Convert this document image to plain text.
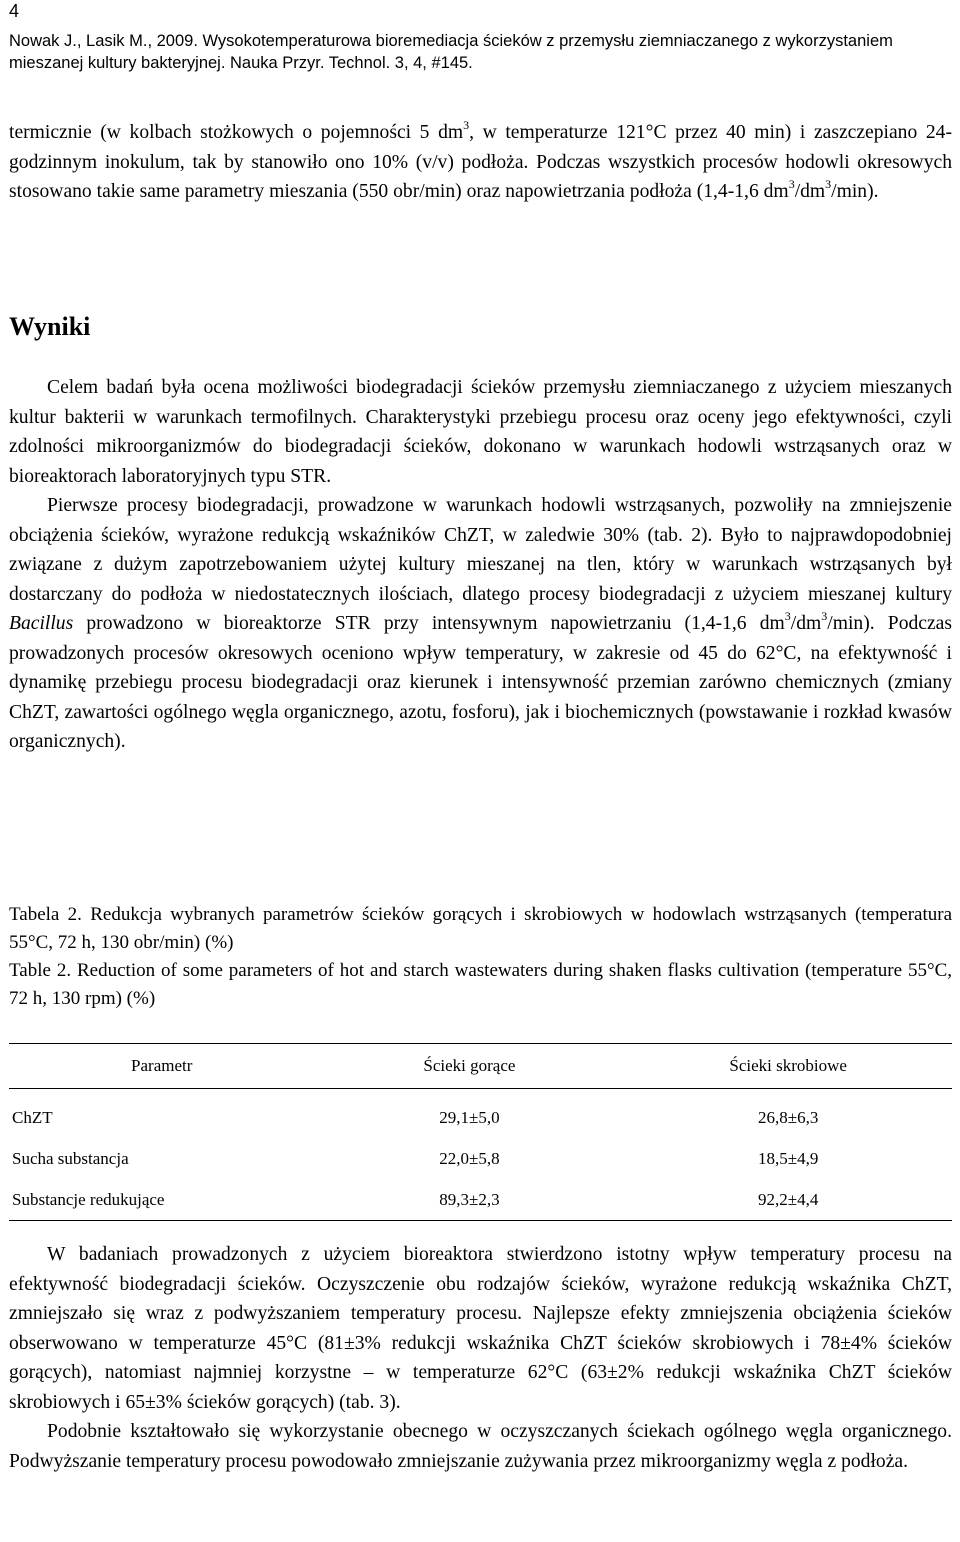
4
Nowak J., Lasik M., 2009. Wysokotemperaturowa bioremediacja ścieków z przemysłu ziemniaczanego z wykorzystaniem mieszanej kultury bakteryjnej. Nauka Przyr. Technol. 3, 4, #145.

termicznie (w kolbach stożkowych o pojemności 5 $dm^3$, w temperaturze 121°C przez 40 min) i zaszczepiano 24-godzinnym inokulum, tak by stanowiło ono 10% (v/v) podłoża. Podczas wszystkich procesów hodowli okresowych stosowano takie same parametry mieszania (550 obr/min) oraz napowietrzania podłoża (1,4-1,6 $dm^3/dm^3/\min$).

Wyniki

Celem badań była ocena możliwości biodegradacji ścieków przemysłu ziemniaczanego z użyciem mieszanych kultur bakterii w warunkach termofilnych. Charakterystyki przebiegu procesu oraz oceny jego efektywności, czyli zdolności mikroorganizmów do biodegradacji ścieków, dokonano w warunkach hodowli wstrząsanych oraz w bioreaktorach laboratoryjnych typu STR.

Pierwsze procesy biodegradacji, prowadzone w warunkach hodowli wstrząsanych, pozwoliły na zmniejszenie obciążenia ścieków, wyrażone redukcją wskaźników ChZT, w zaledwie 30% (tab. 2). Było to najprawdopodobniej związane z dużym zapotrzebowaniem użytej kultury mieszanej na tlen, który w warunkach wstrząsanych był dostarczany do podłoża w niedostatecznych ilościach, dlatego procesy biodegradacji z użyciem mieszanej kultury Bacillus prowadzono w bioreaktorze STR przy intensywnym napowietrzaniu (1,4-1,6 $dm^3/dm^3/\min$). Podczas prowadzonych procesów okresowych oceniono wpływ temperatury, w zakresie od 45 do 62°C, na efektywność i dynamikę przebiegu procesu biodegradacji oraz kierunek i intensywność przemian zarówno chemicznych (zmiany ChZT, zawartości ogólnego węgla organicznego, azotu, fosforu), jak i biochemicznych (powstawanie i rozkład kwasów organicznych).

Tabela 2. Redukcja wybranych parametrów ścieków gorących i skrobiowych w hodowlach wstrząsanych (temperatura 55°C, 72 h, 130 obr/min) (%)

Table 2. Reduction of some parameters of hot and starch wastewaters during shaken flasks cultivation (temperature 55°C, 72 h, 130 rpm) (%)

Parametr	Ścieki gorące	Ścieki skrobiowe
ChZT	29,1±5,0	26,8±6,3
Sucha substancja	22,0±5,8	18,5±4,9
Substancje redukujące	89,3±2,3	92,2±4,4

W badaniach prowadzonych z użyciem bioreaktora stwierdzono istotny wpływ temperatury procesu na efektywność biodegradacji ścieków. Oczyszczenie obu rodzajów ścieków, wyrażone redukcją wskaźnika ChZT, zmniejszało się wraz z podwyższaniem temperatury procesu. Najlepsze efekty zmniejszenia obciążenia ścieków obserwowano w temperaturze 45°C (81±3% redukcji wskaźnika ChZT ścieków skrobiowych i 78±4% ścieków gorących), natomiast najmniej korzystne – w temperaturze 62°C (63±2% redukcji wskaźnika ChZT ścieków skrobiowych i 65±3% ścieków gorących) (tab. 3).

Podobnie kształtowało się wykorzystanie obecnego w oczyszczanych ściekach ogólnego węgla organicznego. Podwyższanie temperatury procesu powodowało zmniejszanie zużywania przez mikroorganizmy węgla z podłoża.
